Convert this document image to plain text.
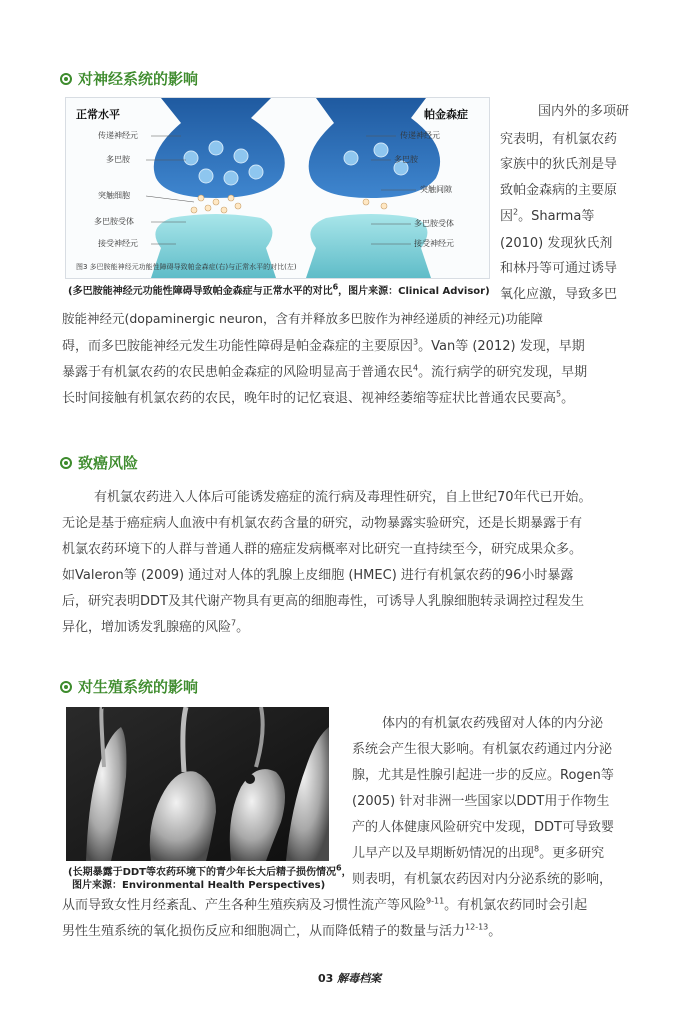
对神经系统的影响
正常水平	帕金森症
传递神经元
多巴胺
突触细胞
多巴胺受体
接受神经元
传递神经元
多巴胺
突触间隙
多巴胺受体
接受神经元
图3 多巴胺能神经元功能性障碍导致帕金森症(右)与正常水平的对比(左)
(多巴胺能神经元功能性障碍导致帕金森症与正常水平的对比$^6$，图片来源：Clinical Advisor)
国内外的多项研
究表明，有机氯农药
家族中的狄氏剂是导
致帕金森病的主要原
因$^2$。Sharma等
(2010) 发现狄氏剂
和林丹等可通过诱导
氧化应激，导致多巴
胺能神经元(dopaminergic neuron，含有并释放多巴胺作为神经递质的神经元)功能障
碍，而多巴胺能神经元发生功能性障碍是帕金森症的主要原因$^3$。Van等 (2012) 发现，早期
暴露于有机氯农药的农民患帕金森症的风险明显高于普通农民$^4$。流行病学的研究发现，早期
长时间接触有机氯农药的农民，晚年时的记忆衰退、视神经萎缩等症状比普通农民要高$^5$。
致癌风险
有机氯农药进入人体后可能诱发癌症的流行病及毒理性研究，自上世纪70年代已开始。
无论是基于癌症病人血液中有机氯农药含量的研究，动物暴露实验研究，还是长期暴露于有
机氯农药环境下的人群与普通人群的癌症发病概率对比研究一直持续至今，研究成果众多。
如Valeron等 (2009) 通过对人体的乳腺上皮细胞 (HMEC) 进行有机氯农药的96小时暴露
后，研究表明DDT及其代谢产物具有更高的细胞毒性，可诱导人乳腺细胞转录调控过程发生
异化，增加诱发乳腺癌的风险$^7$。
对生殖系统的影响
(长期暴露于DDT等农药环境下的青少年长大后精子损伤情况$^6$，
图片来源：Environmental Health Perspectives)
体内的有机氯农药残留对人体的内分泌
系统会产生很大影响。有机氯农药通过内分泌
腺，尤其是性腺引起进一步的反应。Rogen等
(2005) 针对非洲一些国家以DDT用于作物生
产的人体健康风险研究中发现，DDT可导致婴
儿早产以及早期断奶情况的出现$^8$。更多研究
则表明，有机氯农药因对内分泌系统的影响，
从而导致女性月经紊乱、产生各种生殖疾病及习惯性流产等风险$^{9-11}$。有机氯农药同时会引起
男性生殖系统的氧化损伤反应和细胞凋亡，从而降低精子的数量与活力$^{12-13}$。
03 解毒档案
